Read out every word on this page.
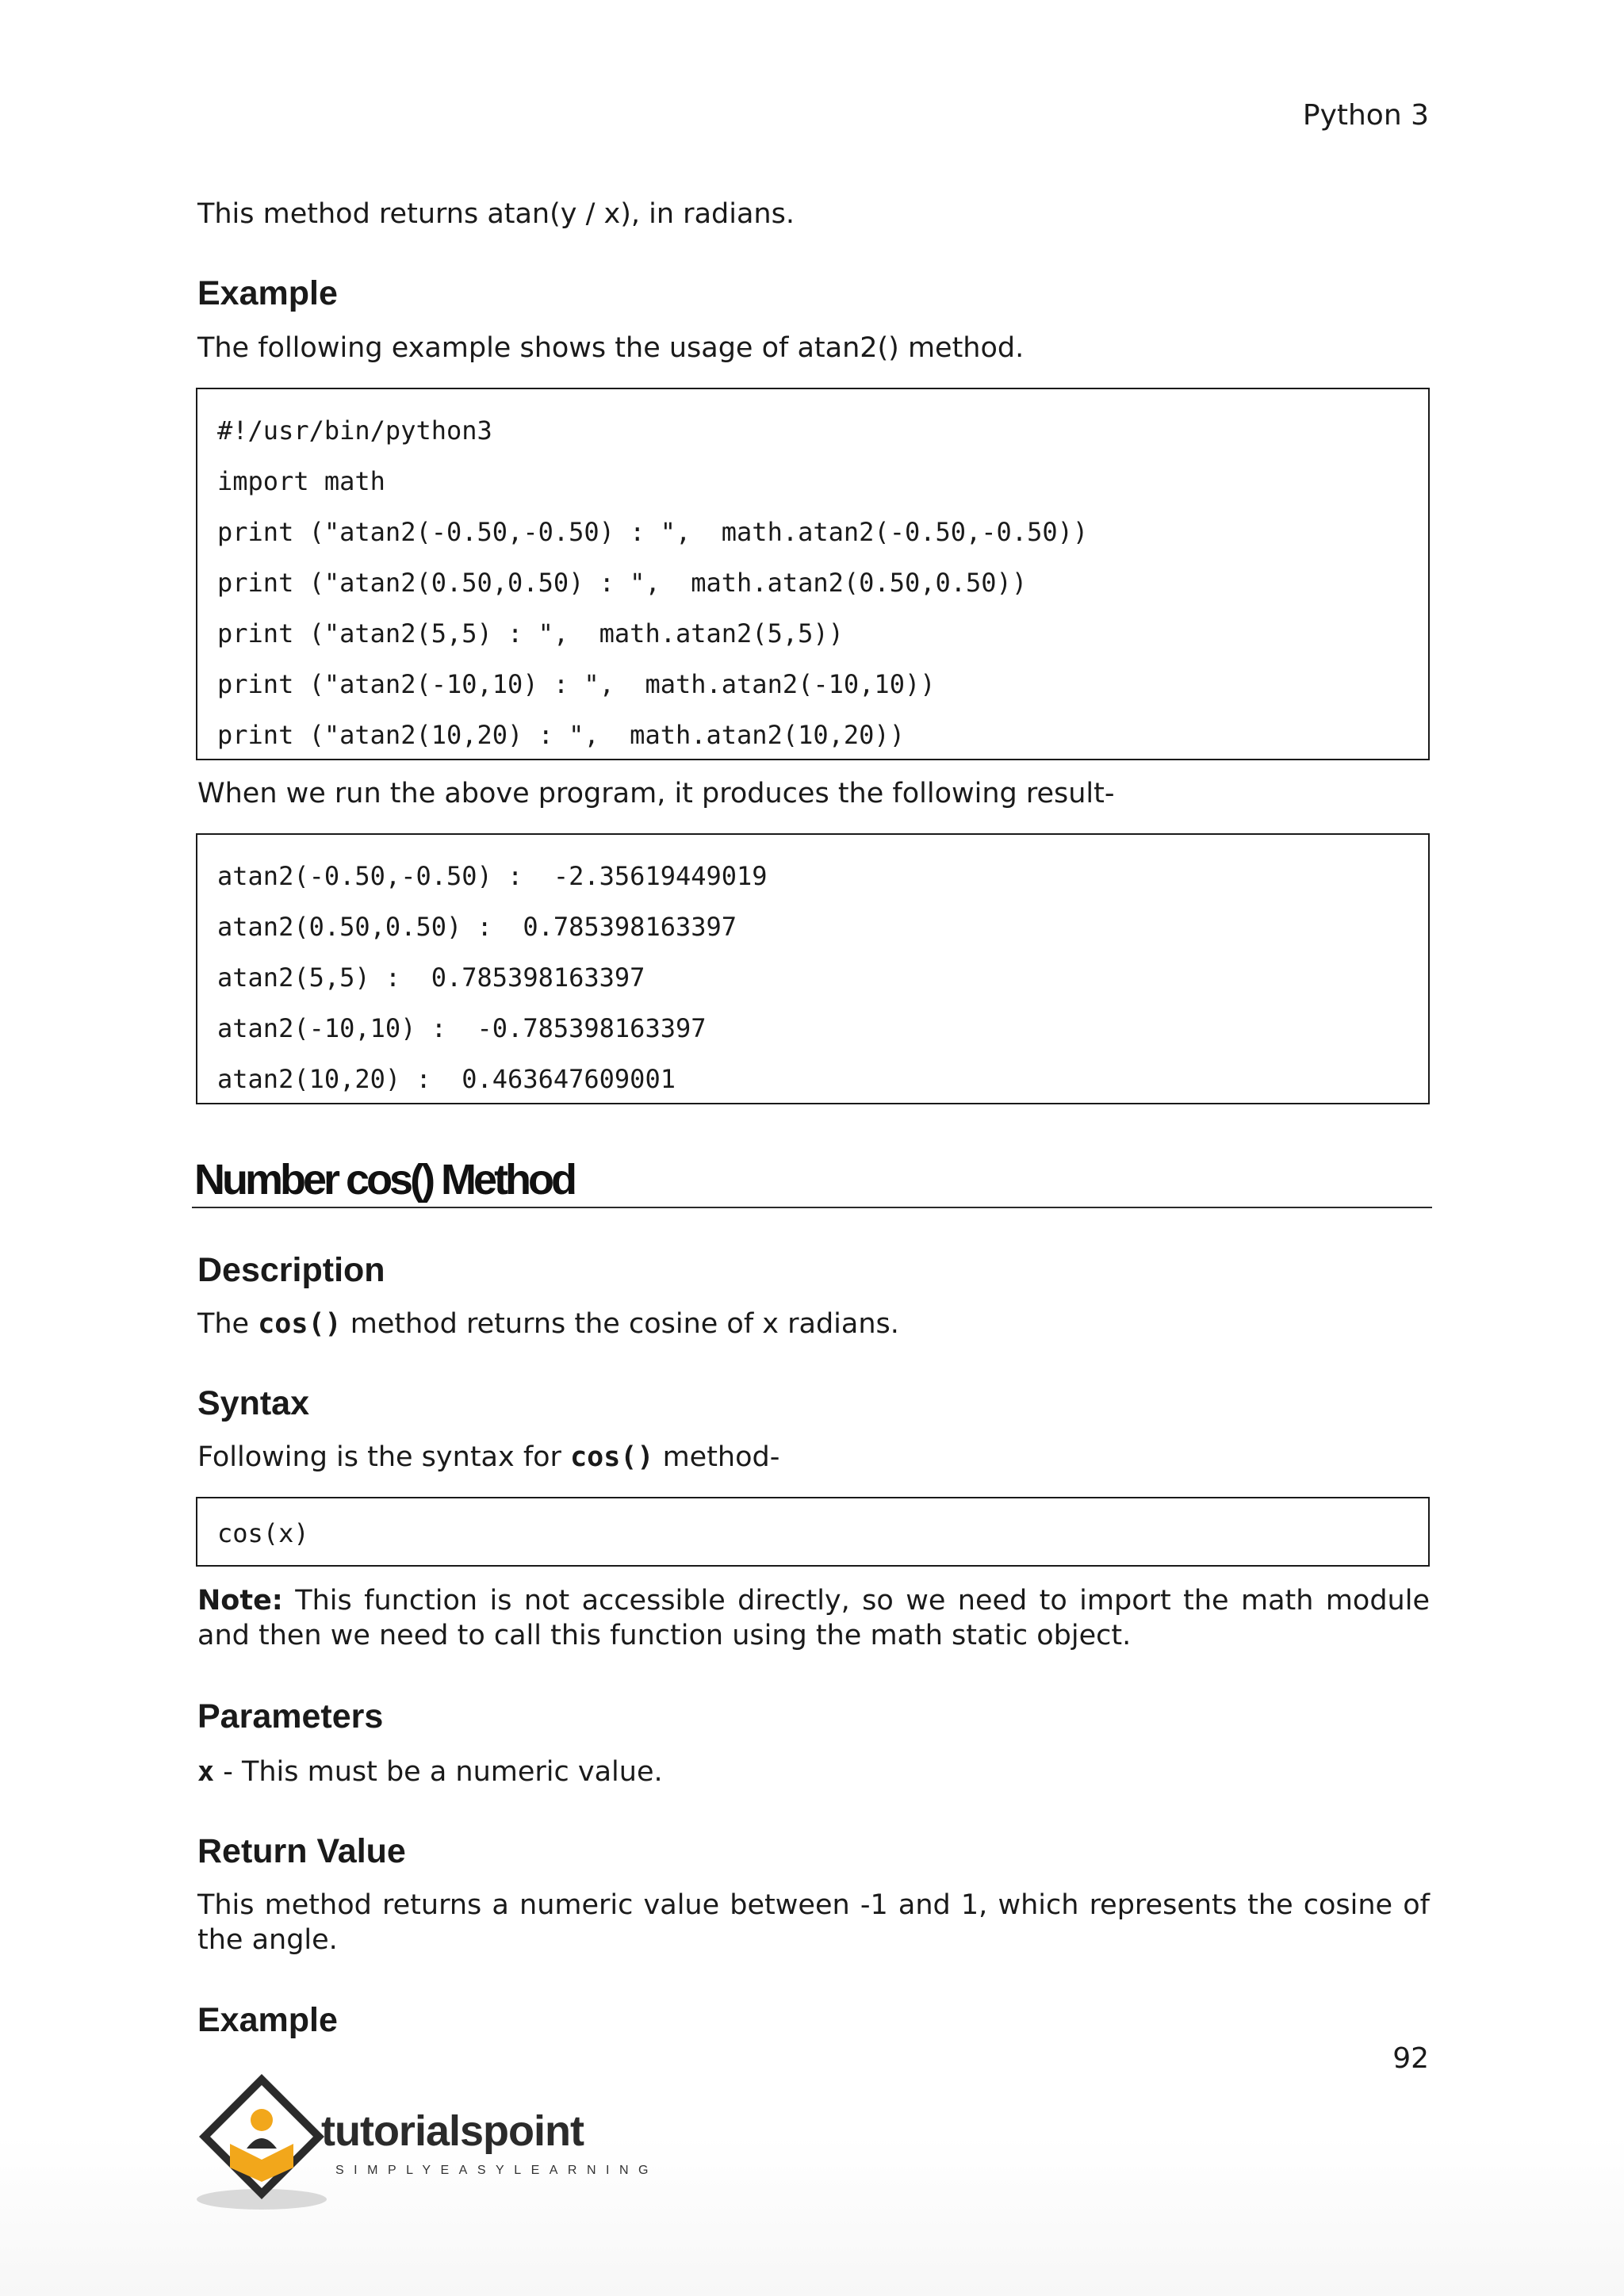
Python 3

This method returns atan(y / x), in radians.

Example

The following example shows the usage of atan2() method.

#!/usr/bin/python3
import math
print ("atan2(-0.50,-0.50) : ",  math.atan2(-0.50,-0.50))
print ("atan2(0.50,0.50) : ",  math.atan2(0.50,0.50))
print ("atan2(5,5) : ",  math.atan2(5,5))
print ("atan2(-10,10) : ",  math.atan2(-10,10))
print ("atan2(10,20) : ",  math.atan2(10,20))

When we run the above program, it produces the following result-

atan2(-0.50,-0.50) :  -2.35619449019
atan2(0.50,0.50) :  0.785398163397
atan2(5,5) :  0.785398163397
atan2(-10,10) :  -0.785398163397
atan2(10,20) :  0.463647609001
Number cos() Method
Description

The cos() method returns the cosine of x radians.

Syntax

Following is the syntax for cos() method-

cos(x)

Note: This function is not accessible directly, so we need to import the math module and then we need to call this function using the math static object.

Parameters

x - This must be a numeric value.

Return Value

This method returns a numeric value between -1 and 1, which represents the cosine of the angle.

Example
92
tutorialspoint
SIMPLYEASYLEARNING
